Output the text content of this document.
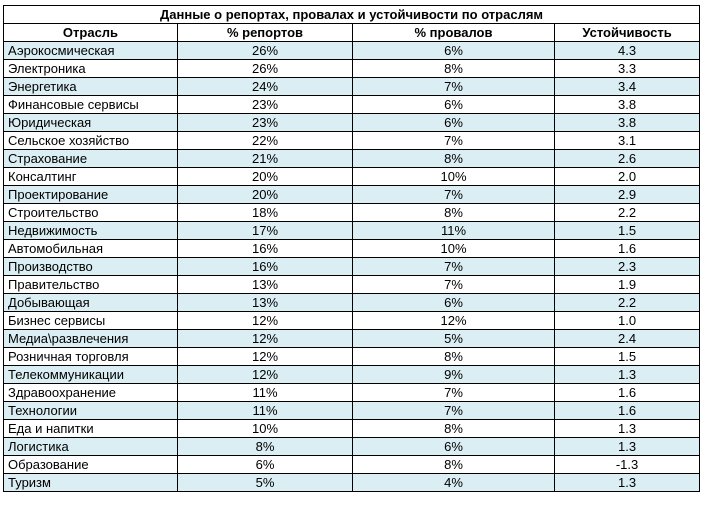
Данные о репортах, провалах и устойчивости по отраслям			
Отрасль	% репортов	% провалов	Устойчивость
Аэрокосмическая	26%	6%	4.3
Электроника	26%	8%	3.3
Энергетика	24%	7%	3.4
Финансовые сервисы	23%	6%	3.8
Юридическая	23%	6%	3.8
Сельское хозяйство	22%	7%	3.1
Страхование	21%	8%	2.6
Консалтинг	20%	10%	2.0
Проектирование	20%	7%	2.9
Строительство	18%	8%	2.2
Недвижимость	17%	11%	1.5
Автомобильная	16%	10%	1.6
Производство	16%	7%	2.3
Правительство	13%	7%	1.9
Добывающая	13%	6%	2.2
Бизнес сервисы	12%	12%	1.0
Медиа\развлечения	12%	5%	2.4
Розничная торговля	12%	8%	1.5
Телекоммуникации	12%	9%	1.3
Здравоохранение	11%	7%	1.6
Технологии	11%	7%	1.6
Еда и напитки	10%	8%	1.3
Логистика	8%	6%	1.3
Образование	6%	8%	-1.3
Туризм	5%	4%	1.3
